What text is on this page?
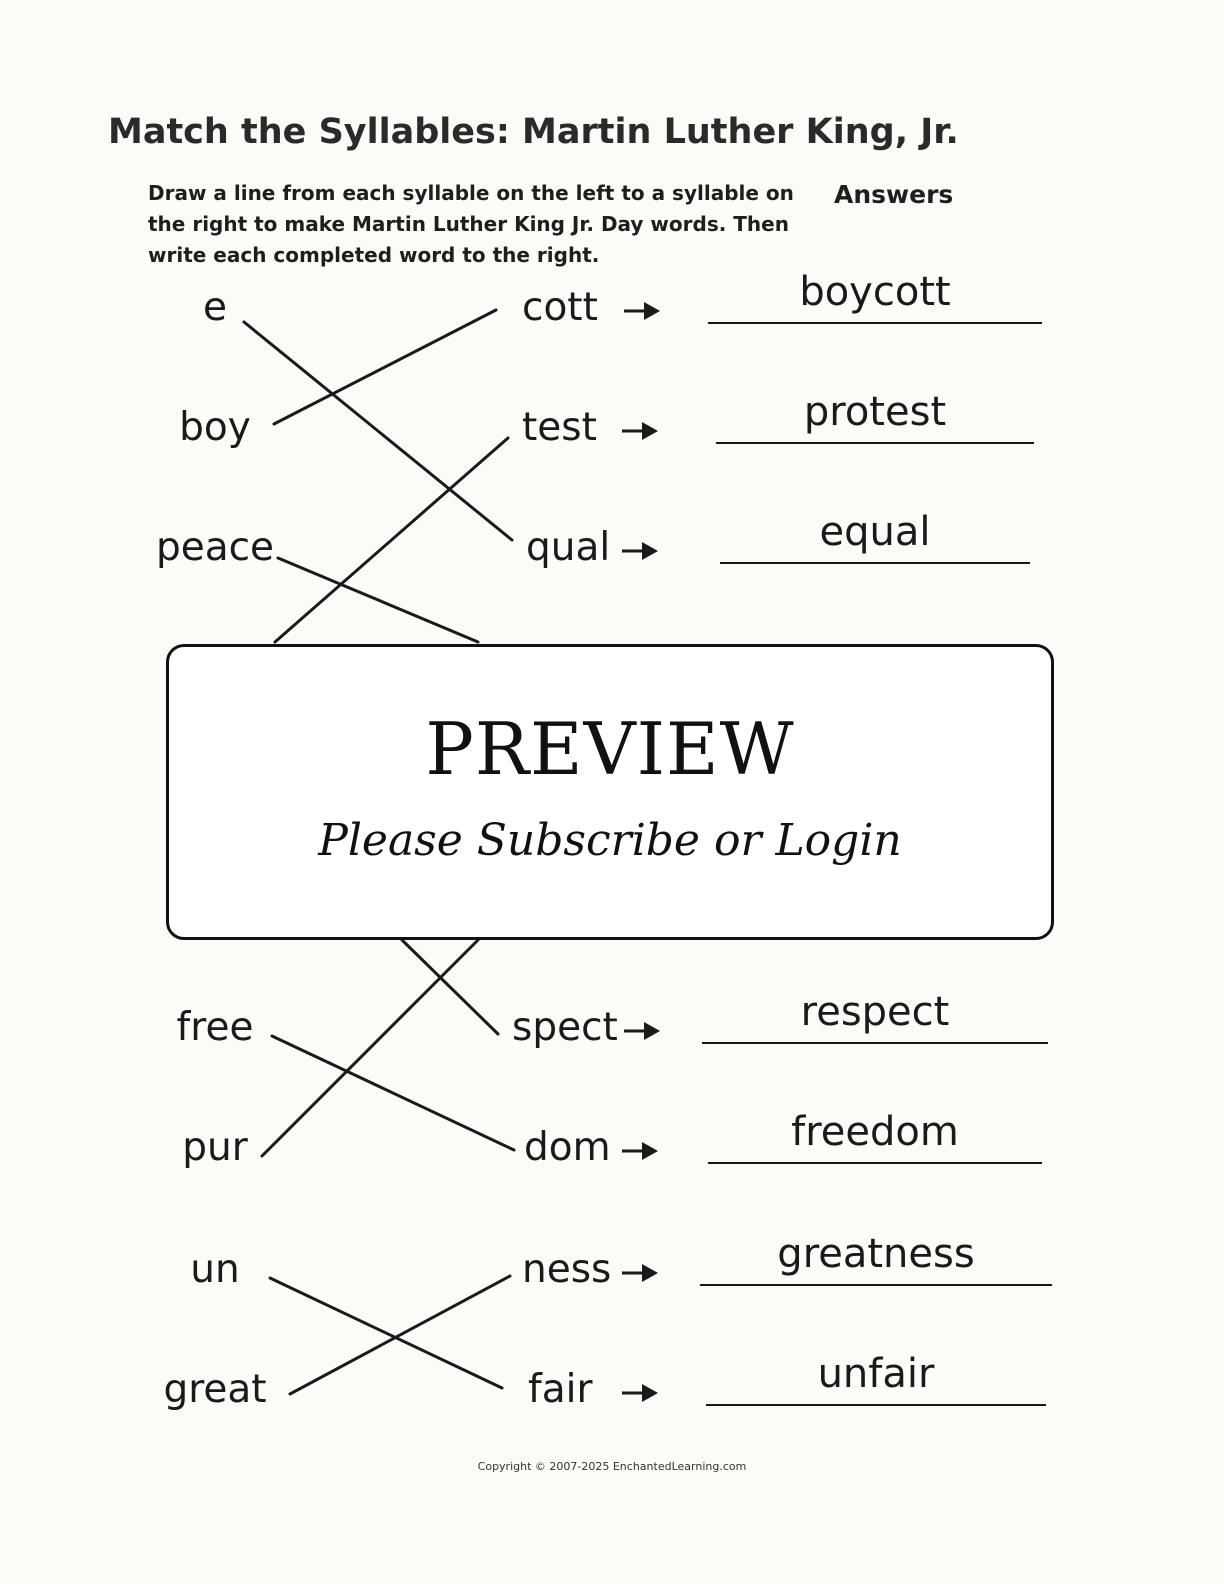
Match the Syllables: Martin Luther King, Jr.
Draw a line from each syllable on the left to a syllable on the right to make Martin Luther King Jr. Day words. Then write each completed word to the right.
Answers
e	cott	boycott
boy	test	protest
peace	qual	equal
free	spect	respect
pur	dom	freedom
un	ness	greatness
great	fair	unfair
PREVIEW
Please Subscribe or Login
Copyright © 2007-2025 EnchantedLearning.com
